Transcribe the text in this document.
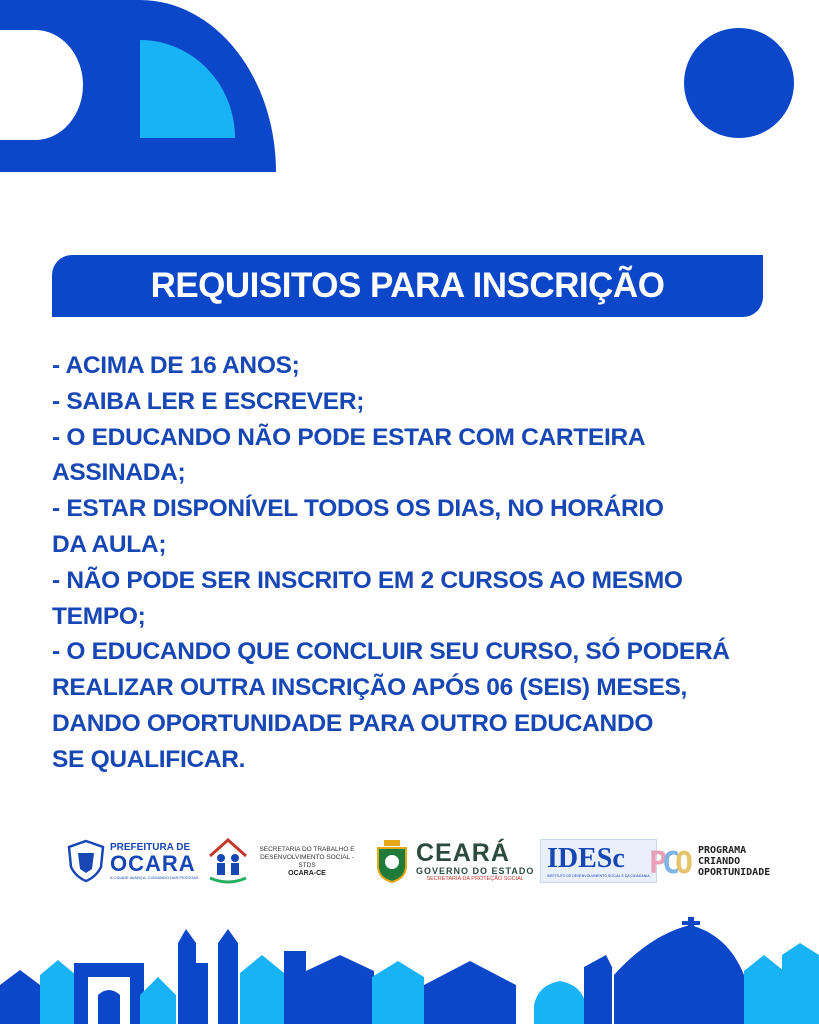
REQUISITOS PARA INSCRIÇÃO
- ACIMA DE 16 ANOS;
- SAIBA LER E ESCREVER;
- O EDUCANDO NÃO PODE ESTAR COM CARTEIRA
ASSINADA;
- ESTAR DISPONÍVEL TODOS OS DIAS, NO HORÁRIO
DA AULA;
- NÃO PODE SER INSCRITO EM 2 CURSOS AO MESMO
TEMPO;
- O EDUCANDO QUE CONCLUIR SEU CURSO, SÓ PODERÁ
REALIZAR OUTRA INSCRIÇÃO APÓS 06 (SEIS) MESES,
DANDO OPORTUNIDADE PARA OUTRO EDUCANDO
SE QUALIFICAR.
PREFEITURA DE
OCARA
A CIDADE AVANÇA, CUIDANDO DAS PESSOAS
SECRETARIA DO TRABALHO E
DESENVOLVIMENTO SOCIAL - STDS
OCARA-CE
CEARÁ
GOVERNO DO ESTADO
SECRETARIA DA PROTEÇÃO SOCIAL
IDESc
INSTITUTO DE DESENVOLVIMENTO SOCIAL E DA CIDADANIA P
C
O PROGRAMA
CRIANDO
OPORTUNIDADE
